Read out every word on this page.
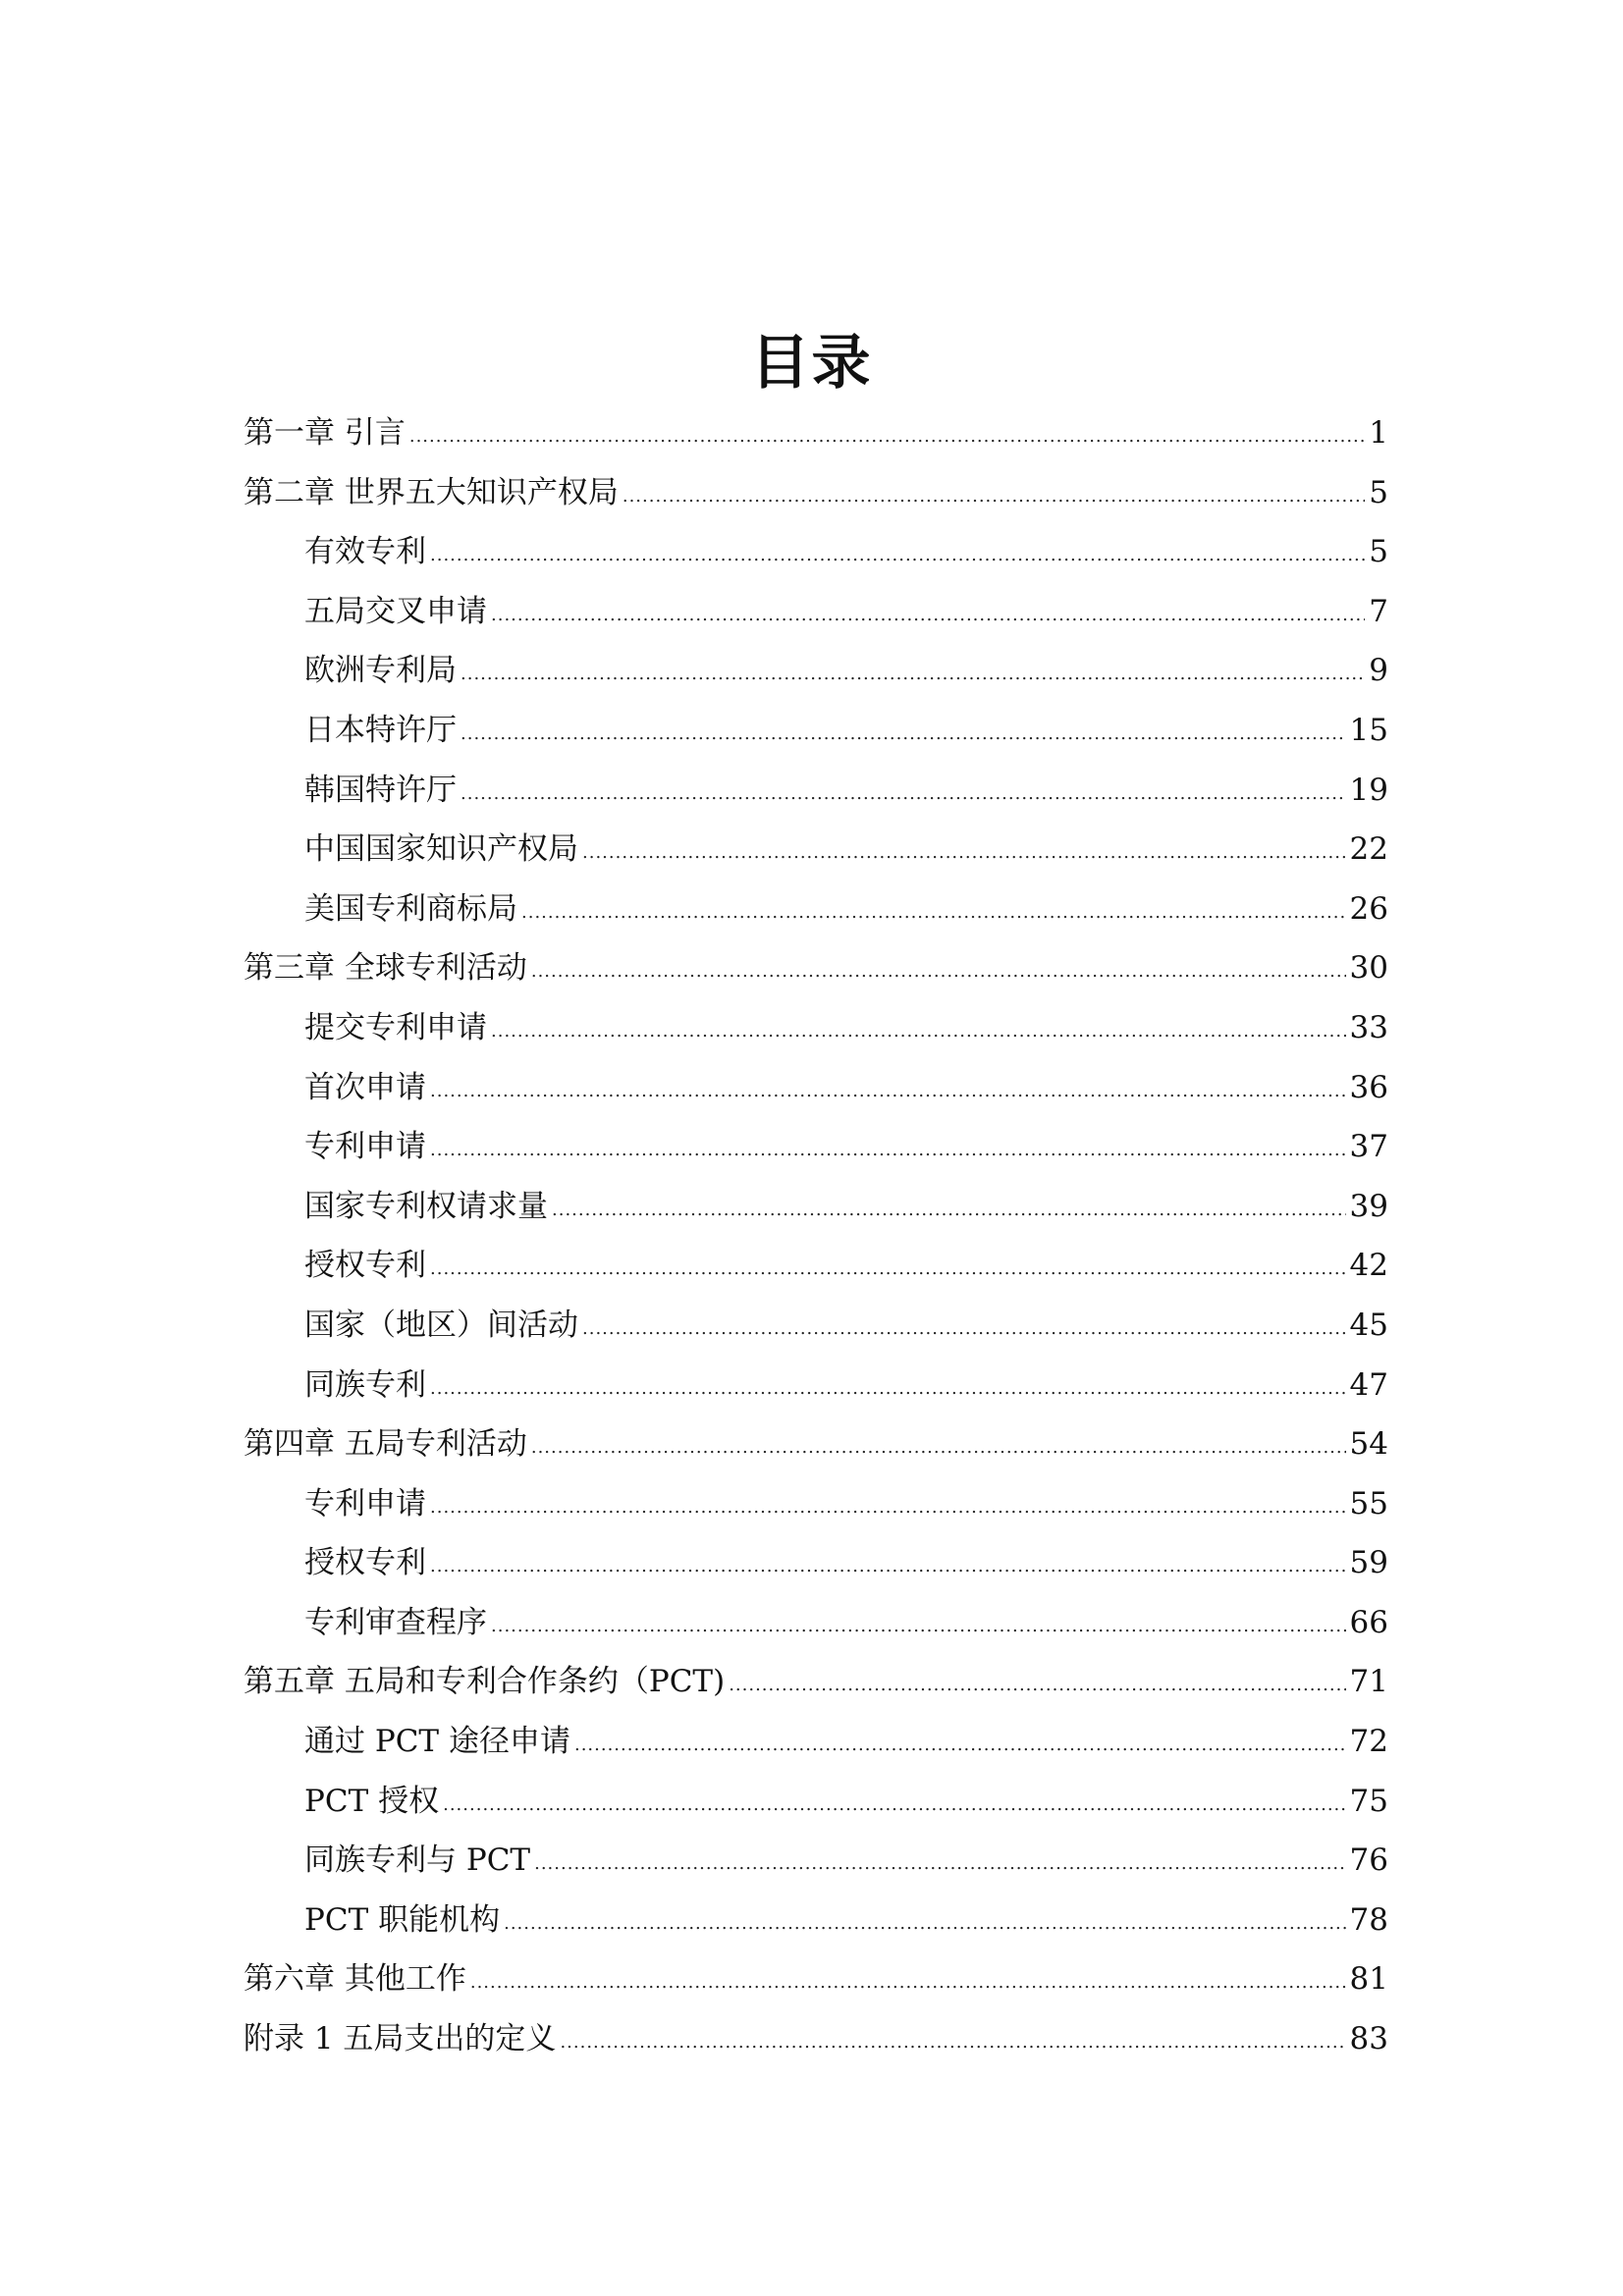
目录
第一章 引言 .....	1
第二章 世界五大知识产权局 .....	5
有效专利 .....	5
五局交叉申请 .....	7
欧洲专利局 .....	9
日本特许厅 .....	15
韩国特许厅 .....	19
中国国家知识产权局 .....	22
美国专利商标局 .....	26
第三章 全球专利活动 .....	30
提交专利申请 .....	33
首次申请 .....	36
专利申请 .....	37
国家专利权请求量 .....	39
授权专利 .....	42
国家（地区）间活动 .....	45
同族专利 .....	47
第四章 五局专利活动 .....	54
专利申请 .....	55
授权专利 .....	59
专利审查程序 .....	66
第五章 五局和专利合作条约（PCT) .....	71
通过 PCT 途径申请 .....	72
PCT 授权 .....	75
同族专利与 PCT .....	76
PCT 职能机构 .....	78
第六章 其他工作 .....	81
附录 1 五局支出的定义 .....	83
